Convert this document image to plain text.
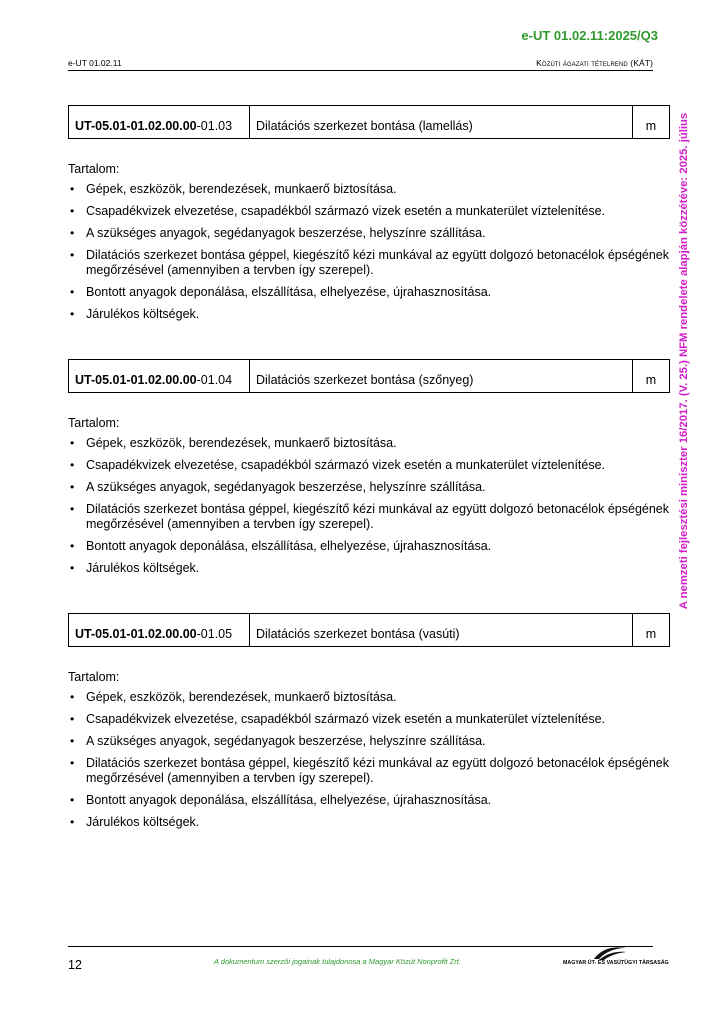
e-UT 01.02.11:2025/Q3
e-UT 01.02.11	Közúti ágazati tételrend (KÁT)
A nemzeti fejlesztési miniszter 16/2017. (V. 25.) NFM rendelete alapján közzétéve: 2025. július
UT-05.01-01.02.00.00 -01.03	Dilatációs szerkezet bontása (lamellás)	m
Tartalom:
• Gépek, eszközök, berendezések, munkaerő biztosítása.
• Csapadékvizek elvezetése, csapadékból származó vizek esetén a munkaterület víztelenítése.
• A szükséges anyagok, segédanyagok beszerzése, helyszínre szállítása.
• Dilatációs szerkezet bontása géppel, kiegészítő kézi munkával az együtt dolgozó betonacélok épségének megőrzésével (amennyiben a tervben így szerepel).
• Bontott anyagok deponálása, elszállítása, elhelyezése, újrahasznosítása.
• Járulékos költségek.
UT-05.01-01.02.00.00 -01.04	Dilatációs szerkezet bontása (szőnyeg)	m
Tartalom:
• Gépek, eszközök, berendezések, munkaerő biztosítása.
• Csapadékvizek elvezetése, csapadékból származó vizek esetén a munkaterület víztelenítése.
• A szükséges anyagok, segédanyagok beszerzése, helyszínre szállítása.
• Dilatációs szerkezet bontása géppel, kiegészítő kézi munkával az együtt dolgozó betonacélok épségének megőrzésével (amennyiben a tervben így szerepel).
• Bontott anyagok deponálása, elszállítása, elhelyezése, újrahasznosítása.
• Járulékos költségek.
UT-05.01-01.02.00.00 -01.05	Dilatációs szerkezet bontása (vasúti)	m
Tartalom:
• Gépek, eszközök, berendezések, munkaerő biztosítása.
• Csapadékvizek elvezetése, csapadékból származó vizek esetén a munkaterület víztelenítése.
• A szükséges anyagok, segédanyagok beszerzése, helyszínre szállítása.
• Dilatációs szerkezet bontása géppel, kiegészítő kézi munkával az együtt dolgozó betonacélok épségének megőrzésével (amennyiben a tervben így szerepel).
• Bontott anyagok deponálása, elszállítása, elhelyezése, újrahasznosítása.
• Járulékos költségek.
12	A dokumentum szerzői jogainak tulajdonosa a Magyar Közút Nonprofit Zrt.	MAGYAR ÚT- ÉS VASÚTÜGYI TÁRSASÁG
